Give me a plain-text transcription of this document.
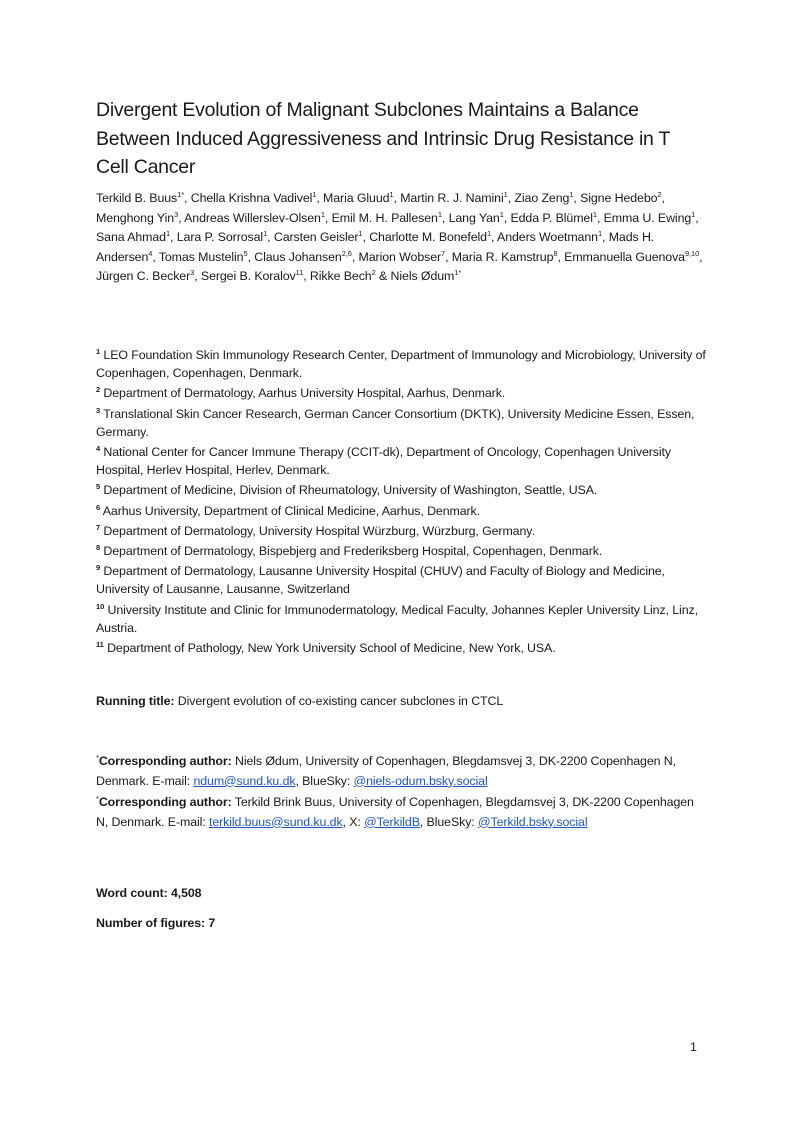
Divergent Evolution of Malignant Subclones Maintains a Balance Between Induced Aggressiveness and Intrinsic Drug Resistance in T Cell Cancer
Terkild B. Buus$^{1*}$, Chella Krishna Vadivel$^1$, Maria Gluud$^1$, Martin R. J. Namini$^1$, Ziao Zeng$^1$, Signe Hedebo$^2$, Menghong Yin$^3$, Andreas Willerslev-Olsen$^1$, Emil M. H. Pallesen$^1$, Lang Yan$^1$, Edda P. Blümel$^1$, Emma U. Ewing$^1$, Sana Ahmad$^1$, Lara P. Sorrosal$^1$, Carsten Geisler$^1$, Charlotte M. Bonefeld$^1$, Anders Woetmann$^1$, Mads H. Andersen$^4$, Tomas Mustelin$^5$, Claus Johansen$^{2,6}$, Marion Wobser$^7$, Maria R. Kamstrup$^8$, Emmanuella Guenova$^{9,10}$, Jürgen C. Becker$^3$, Sergei B. Koralov$^{11}$, Rikke Bech$^2$ & Niels Ødum$^{1*}$
$^1$ LEO Foundation Skin Immunology Research Center, Department of Immunology and Microbiology, University of Copenhagen, Copenhagen, Denmark.
$^2$ Department of Dermatology, Aarhus University Hospital, Aarhus, Denmark.
$^3$ Translational Skin Cancer Research, German Cancer Consortium (DKTK), University Medicine Essen, Essen, Germany.
$^4$ National Center for Cancer Immune Therapy (CCIT-dk), Department of Oncology, Copenhagen University Hospital, Herlev Hospital, Herlev, Denmark.
$^5$ Department of Medicine, Division of Rheumatology, University of Washington, Seattle, USA.
$^6$ Aarhus University, Department of Clinical Medicine, Aarhus, Denmark.
$^7$ Department of Dermatology, University Hospital Würzburg, Würzburg, Germany.
$^8$ Department of Dermatology, Bispebjerg and Frederiksberg Hospital, Copenhagen, Denmark.
$^9$ Department of Dermatology, Lausanne University Hospital (CHUV) and Faculty of Biology and Medicine, University of Lausanne, Lausanne, Switzerland
$^{10}$ University Institute and Clinic for Immunodermatology, Medical Faculty, Johannes Kepler University Linz, Linz, Austria.
$^{11}$ Department of Pathology, New York University School of Medicine, New York, USA.
Running title: Divergent evolution of co-existing cancer subclones in CTCL
*Corresponding author: Niels Ødum, University of Copenhagen, Blegdamsvej 3, DK-2200 Copenhagen N, Denmark. E-mail: ndum@sund.ku.dk, BlueSky: @niels-odum.bsky.social
*Corresponding author: Terkild Brink Buus, University of Copenhagen, Blegdamsvej 3, DK-2200 Copenhagen N, Denmark. E-mail: terkild.buus@sund.ku.dk, X: @TerkildB, BlueSky: @Terkild.bsky.social
Word count: 4,508
Number of figures: 7
1
